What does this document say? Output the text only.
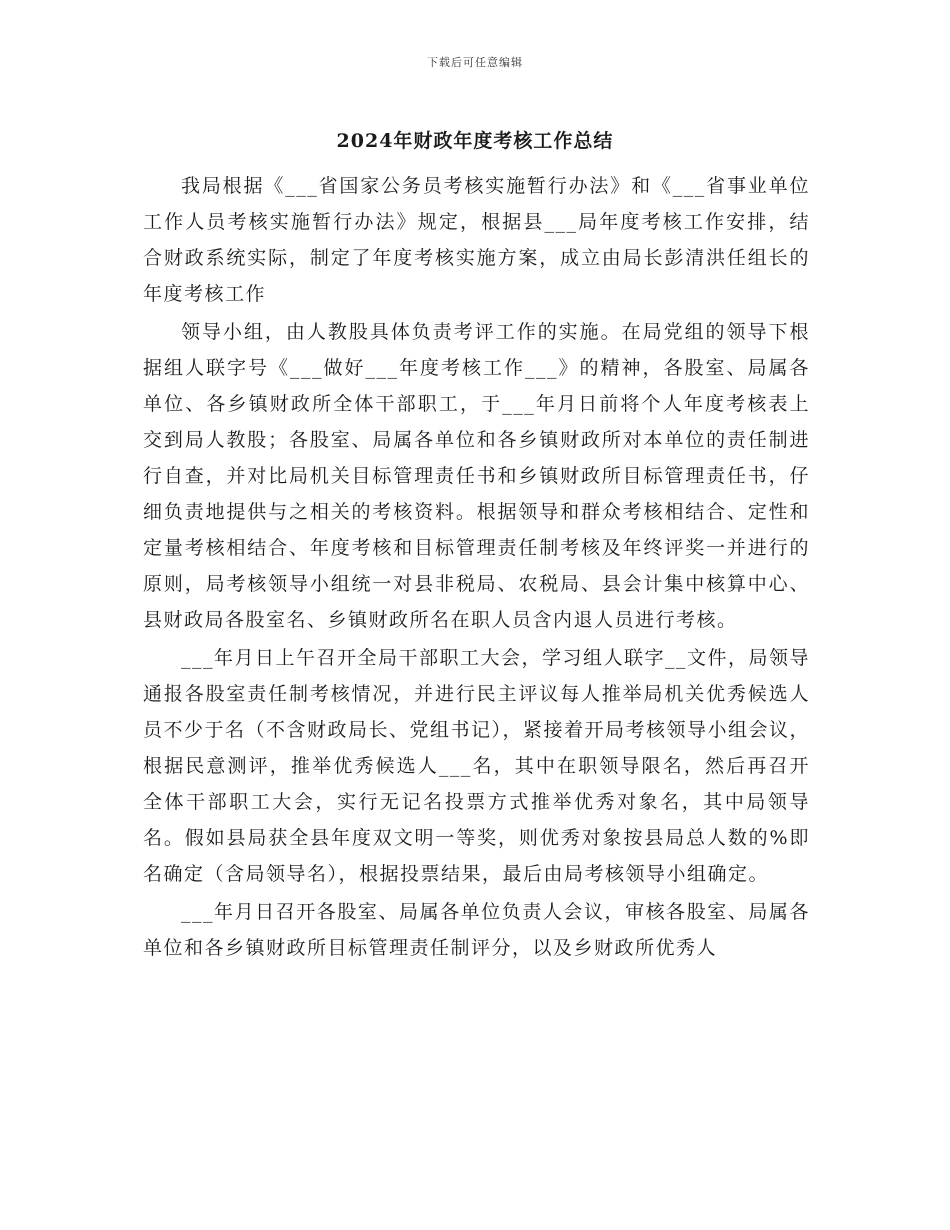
下载后可任意编辑
2024年财政年度考核工作总结

我局根据《___省国家公务员考核实施暂行办法》和《___省事业单位工作人员考核实施暂行办法》规定，根据县___局年度考核工作安排，结合财政系统实际，制定了年度考核实施方案，成立由局长彭清洪任组长的年度考核工作

领导小组，由人教股具体负责考评工作的实施。在局党组的领导下根据组人联字号《___做好___年度考核工作___》的精神，各股室、局属各单位、各乡镇财政所全体干部职工，于___年月日前将个人年度考核表上交到局人教股；各股室、局属各单位和各乡镇财政所对本单位的责任制进行自查，并对比局机关目标管理责任书和乡镇财政所目标管理责任书，仔细负责地提供与之相关的考核资料。根据领导和群众考核相结合、定性和定量考核相结合、年度考核和目标管理责任制考核及年终评奖一并进行的原则，局考核领导小组统一对县非税局、农税局、县会计集中核算中心、县财政局各股室名、乡镇财政所名在职人员含内退人员进行考核。

___年月日上午召开全局干部职工大会，学习组人联字__文件，局领导通报各股室责任制考核情况，并进行民主评议每人推举局机关优秀候选人员不少于名（不含财政局长、党组书记），紧接着开局考核领导小组会议，根据民意测评，推举优秀候选人___名，其中在职领导限名，然后再召开全体干部职工大会，实行无记名投票方式推举优秀对象名，其中局领导名。假如县局获全县年度双文明一等奖，则优秀对象按县局总人数的%即名确定（含局领导名），根据投票结果，最后由局考核领导小组确定。

___年月日召开各股室、局属各单位负责人会议，审核各股室、局属各单位和各乡镇财政所目标管理责任制评分，以及乡财政所优秀人
